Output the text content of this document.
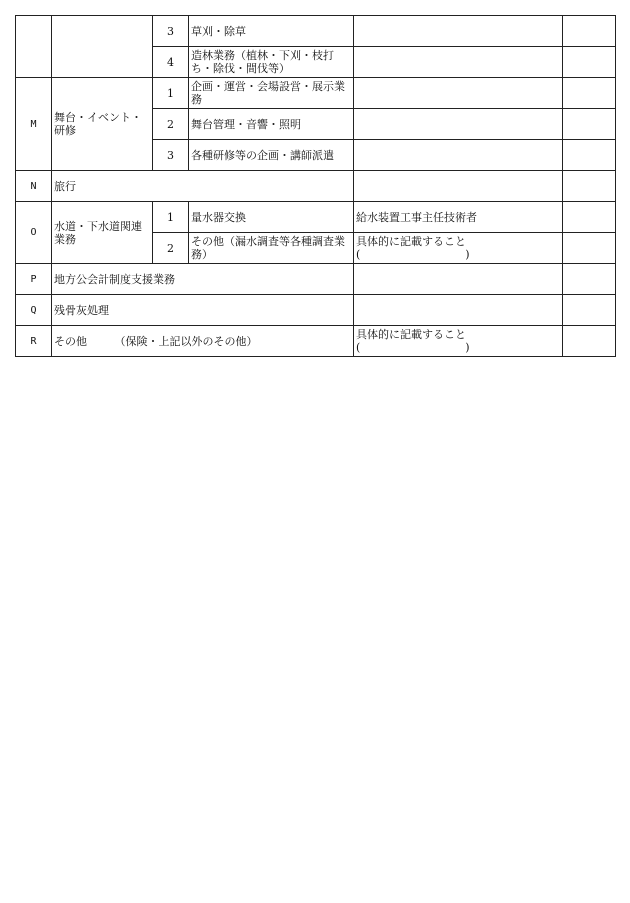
		3	草刈・除草		
		4	造林業務（植林・下刈・枝打ち・除伐・間伐等）		
M	舞台・イベント・研修	1	企画・運営・会場設営・展示業務		
		2	舞台管理・音響・照明		
		3	各種研修等の企画・講師派遣		
N	旅行				
O	水道・下水道関連業務	1	量水器交換	給水装置工事主任技術者	
		2	その他（漏水調査等各種調査業務）	具体的に記載すること
(                              )	

P	地方公会計制度支援業務				
Q	残骨灰処理				
R	その他　　　（保険・上記以外のその他）			具体的に記載すること
(                              )	
